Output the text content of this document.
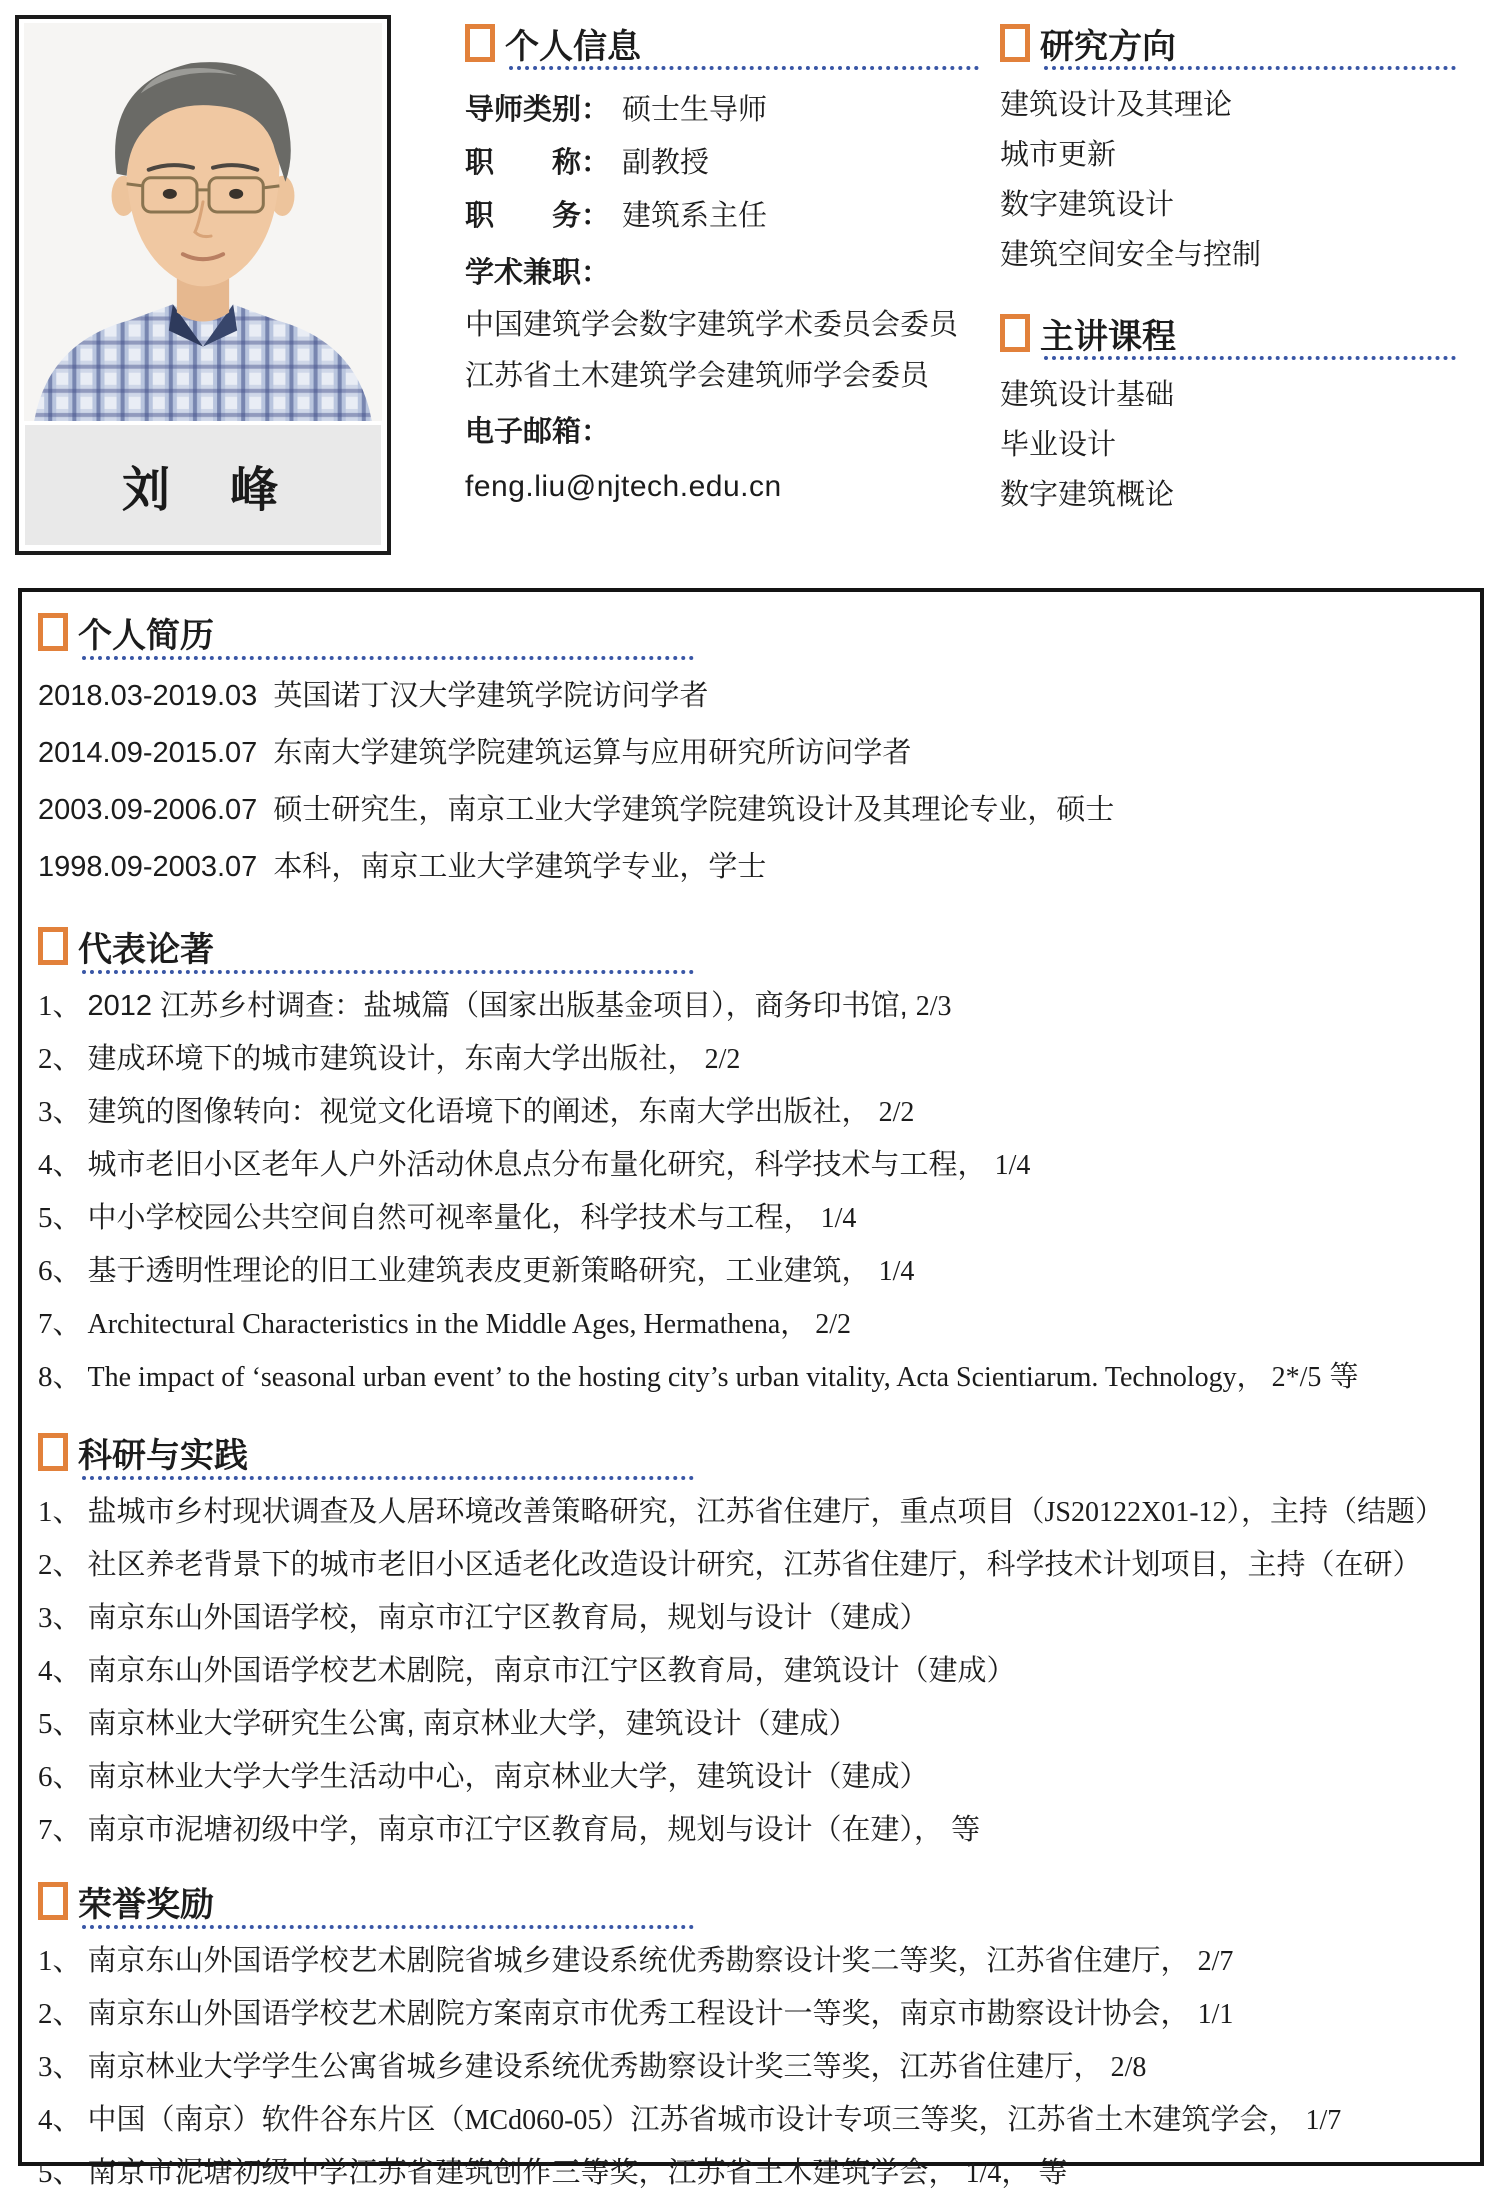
刘　峰
个人信息
导师类别： 硕士生导师
职　　称： 副教授
职　　务： 建筑系主任
学术兼职：
中国建筑学会数字建筑学术委员会委员
江苏省土木建筑学会建筑师学会委员
电子邮箱：
feng.liu@njtech.edu.cn
研究方向
建筑设计及其理论
城市更新
数字建筑设计
建筑空间安全与控制
主讲课程
建筑设计基础
毕业设计
数字建筑概论
个人简历
2018.03-2019.03 英国诺丁汉大学建筑学院访问学者
2014.09-2015.07 东南大学建筑学院建筑运算与应用研究所访问学者
2003.09-2006.07 硕士研究生，南京工业大学建筑学院建筑设计及其理论专业，硕士
1998.09-2003.07 本科，南京工业大学建筑学专业，学士
代表论著
1、 2012 江苏乡村调查：盐城篇（国家出版基金项目），商务印书馆, 2/3
2、 建成环境下的城市建筑设计，东南大学出版社， 2/2
3、 建筑的图像转向：视觉文化语境下的阐述，东南大学出版社， 2/2
4、 城市老旧小区老年人户外活动休息点分布量化研究，科学技术与工程， 1/4
5、 中小学校园公共空间自然可视率量化，科学技术与工程， 1/4
6、 基于透明性理论的旧工业建筑表皮更新策略研究，工业建筑， 1/4
7、 Architectural Characteristics in the Middle Ages, Hermathena， 2/2
8、 The impact of ‘seasonal urban event’ to the hosting city’s urban vitality, Acta Scientiarum. Technology， 2*/5 等
科研与实践
1、 盐城市乡村现状调查及人居环境改善策略研究，江苏省住建厅，重点项目（JS20122X01-12），主持（结题）
2、 社区养老背景下的城市老旧小区适老化改造设计研究，江苏省住建厅，科学技术计划项目，主持（在研）
3、 南京东山外国语学校，南京市江宁区教育局，规划与设计（建成）
4、 南京东山外国语学校艺术剧院，南京市江宁区教育局，建筑设计（建成）
5、 南京林业大学研究生公寓, 南京林业大学，建筑设计（建成）
6、 南京林业大学大学生活动中心，南京林业大学，建筑设计（建成）
7、 南京市泥塘初级中学，南京市江宁区教育局，规划与设计（在建）， 等
荣誉奖励
1、 南京东山外国语学校艺术剧院省城乡建设系统优秀勘察设计奖二等奖，江苏省住建厅， 2/7
2、 南京东山外国语学校艺术剧院方案南京市优秀工程设计一等奖，南京市勘察设计协会， 1/1
3、 南京林业大学学生公寓省城乡建设系统优秀勘察设计奖三等奖，江苏省住建厅， 2/8
4、 中国（南京）软件谷东片区（MCd060-05）江苏省城市设计专项三等奖，江苏省土木建筑学会， 1/7
5、 南京市泥塘初级中学江苏省建筑创作三等奖，江苏省土木建筑学会， 1/4， 等
